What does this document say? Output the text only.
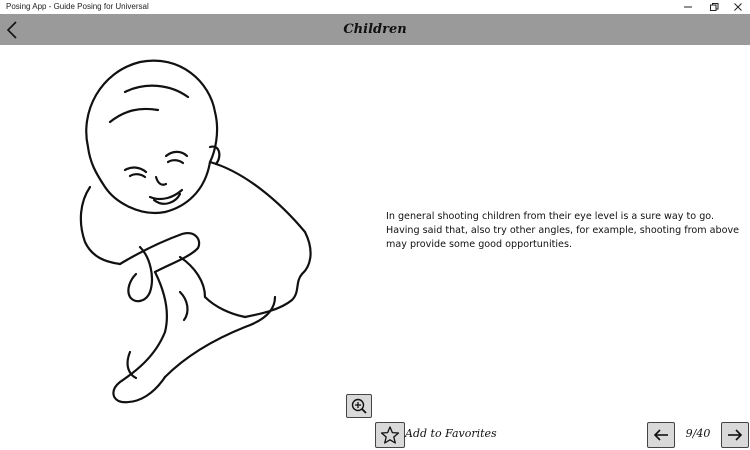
Posing App - Guide Posing for Universal
Children

In general shooting children from their eye level is a sure way to go. Having said that, also try other angles, for example, shooting from above may provide some good opportunities.

Add to Favorites	9/40
